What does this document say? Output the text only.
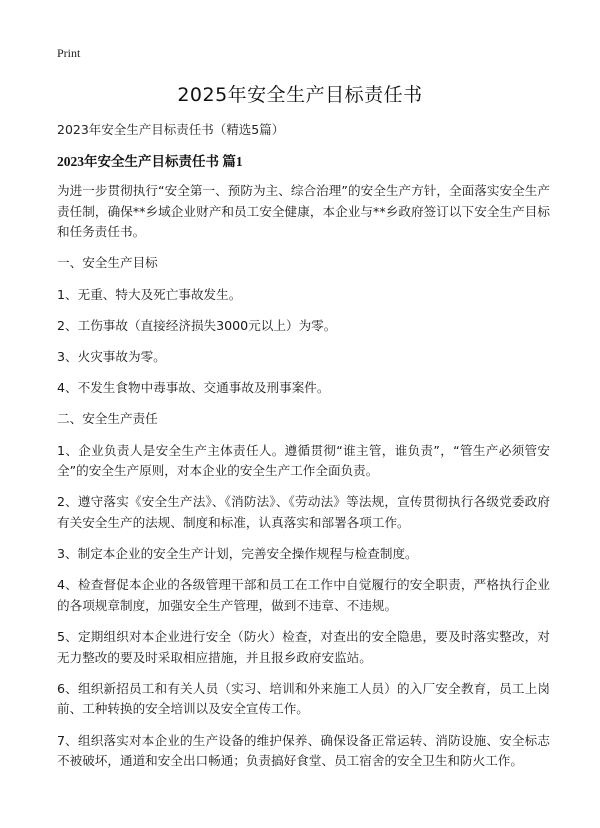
Print
2025年安全生产目标责任书
2023年安全生产目标责任书（精选5篇）
2023年安全生产目标责任书 篇1

为进一步贯彻执行“安全第一、预防为主、综合治理”的安全生产方针，全面落实安全生产责任制，确保**乡域企业财产和员工安全健康，本企业与**乡政府签订以下安全生产目标和任务责任书。

一、安全生产目标

1、无重、特大及死亡事故发生。

2、工伤事故（直接经济损失3000元以上）为零。

3、火灾事故为零。

4、不发生食物中毒事故、交通事故及刑事案件。

二、安全生产责任

1、企业负责人是安全生产主体责任人。遵循贯彻“谁主管，谁负责”，“管生产必须管安全”的安全生产原则，对本企业的安全生产工作全面负责。

2、遵守落实《安全生产法》、《消防法》、《劳动法》等法规，宣传贯彻执行各级党委政府有关安全生产的法规、制度和标准，认真落实和部署各项工作。

3、制定本企业的安全生产计划，完善安全操作规程与检查制度。

4、检查督促本企业的各级管理干部和员工在工作中自觉履行的安全职责，严格执行企业的各项规章制度，加强安全生产管理，做到不违章、不违规。

5、定期组织对本企业进行安全（防火）检查，对查出的安全隐患，要及时落实整改，对无力整改的要及时采取相应措施，并且报乡政府安监站。

6、组织新招员工和有关人员（实习、培训和外来施工人员）的入厂安全教育，员工上岗前、工种转换的安全培训以及安全宣传工作。

7、组织落实对本企业的生产设备的维护保养、确保设备正常运转、消防设施、安全标志不被破坏，通道和安全出口畅通；负责搞好食堂、员工宿舍的安全卫生和防火工作。
